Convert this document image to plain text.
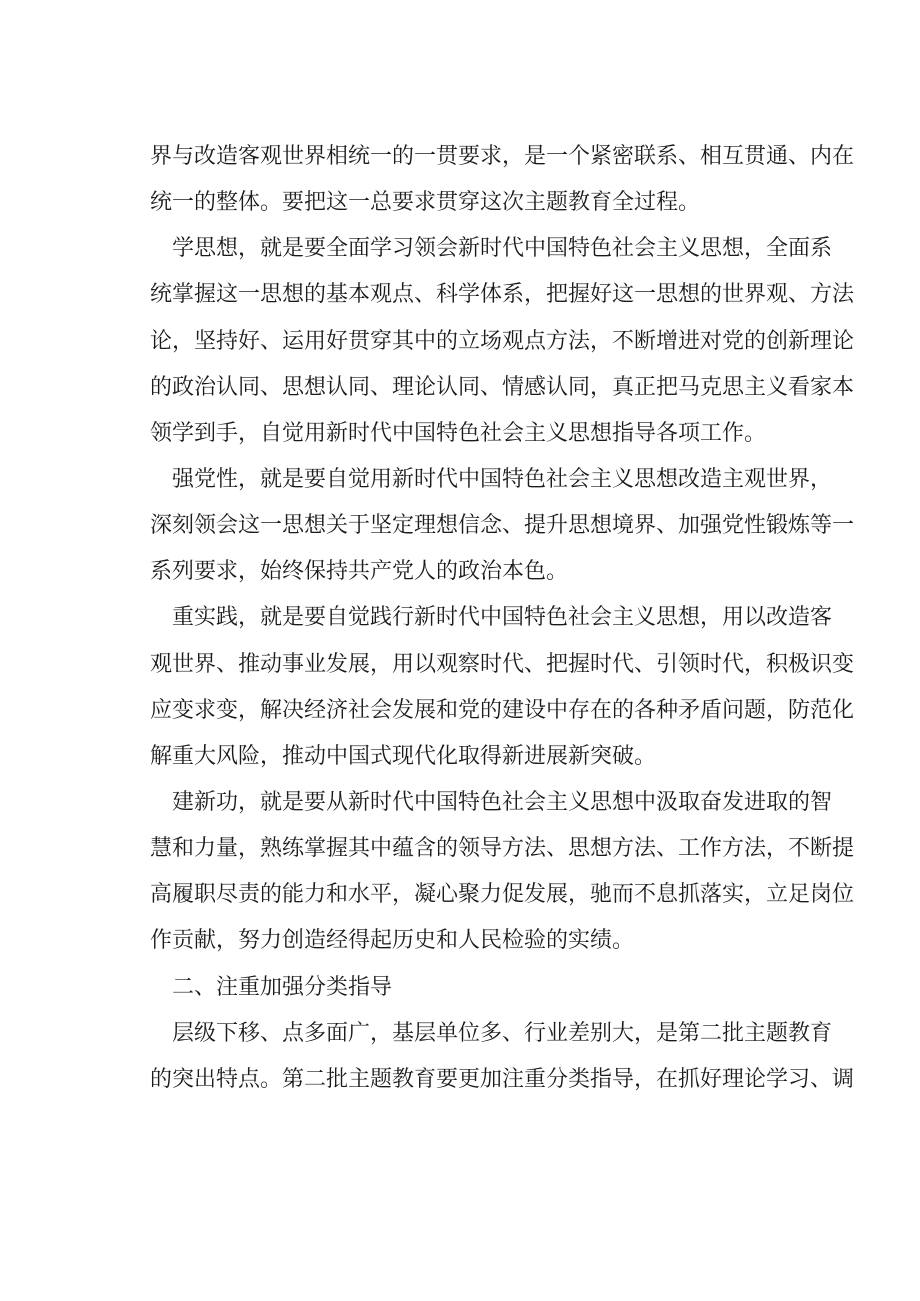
界与改造客观世界相统一的一贯要求，是一个紧密联系、相互贯通、内在
统一的整体。要把这一总要求贯穿这次主题教育全过程。
学思想，就是要全面学习领会新时代中国特色社会主义思想，全面系
统掌握这一思想的基本观点、科学体系，把握好这一思想的世界观、方法
论，坚持好、运用好贯穿其中的立场观点方法，不断增进对党的创新理论
的政治认同、思想认同、理论认同、情感认同，真正把马克思主义看家本
领学到手，自觉用新时代中国特色社会主义思想指导各项工作。
强党性，就是要自觉用新时代中国特色社会主义思想改造主观世界，
深刻领会这一思想关于坚定理想信念、提升思想境界、加强党性锻炼等一
系列要求，始终保持共产党人的政治本色。
重实践，就是要自觉践行新时代中国特色社会主义思想，用以改造客
观世界、推动事业发展，用以观察时代、把握时代、引领时代，积极识变
应变求变，解决经济社会发展和党的建设中存在的各种矛盾问题，防范化
解重大风险，推动中国式现代化取得新进展新突破。
建新功，就是要从新时代中国特色社会主义思想中汲取奋发进取的智
慧和力量，熟练掌握其中蕴含的领导方法、思想方法、工作方法，不断提
高履职尽责的能力和水平，凝心聚力促发展，驰而不息抓落实，立足岗位
作贡献，努力创造经得起历史和人民检验的实绩。
二、注重加强分类指导
层级下移、点多面广，基层单位多、行业差别大，是第二批主题教育
的突出特点。第二批主题教育要更加注重分类指导，在抓好理论学习、调
